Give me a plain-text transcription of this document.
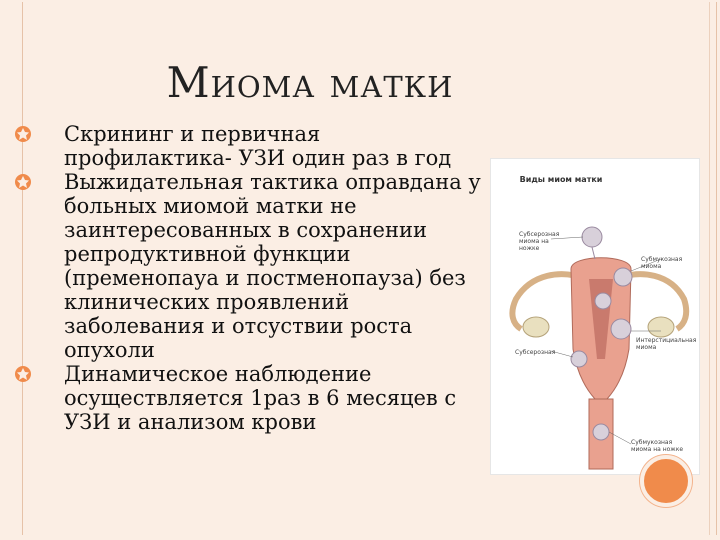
Миома матки
Скрининг и первичная профилактика- УЗИ один раз в год
Выжидательная тактика оправдана у больных миомой матки не заинтересованных в сохранении репродуктивной функции (пременопауа и постменопауза) без клинических проявлений заболевания и отсуствии роста опухоли
Динамическое наблюдение осуществляется 1раз в 6 месяцев с УЗИ и анализом крови
Виды миом матки
Субсерозная миома на ножке
Субмукозная миома
Субсерозная
Интерстициальная миома
Субмукозная миома на ножке
